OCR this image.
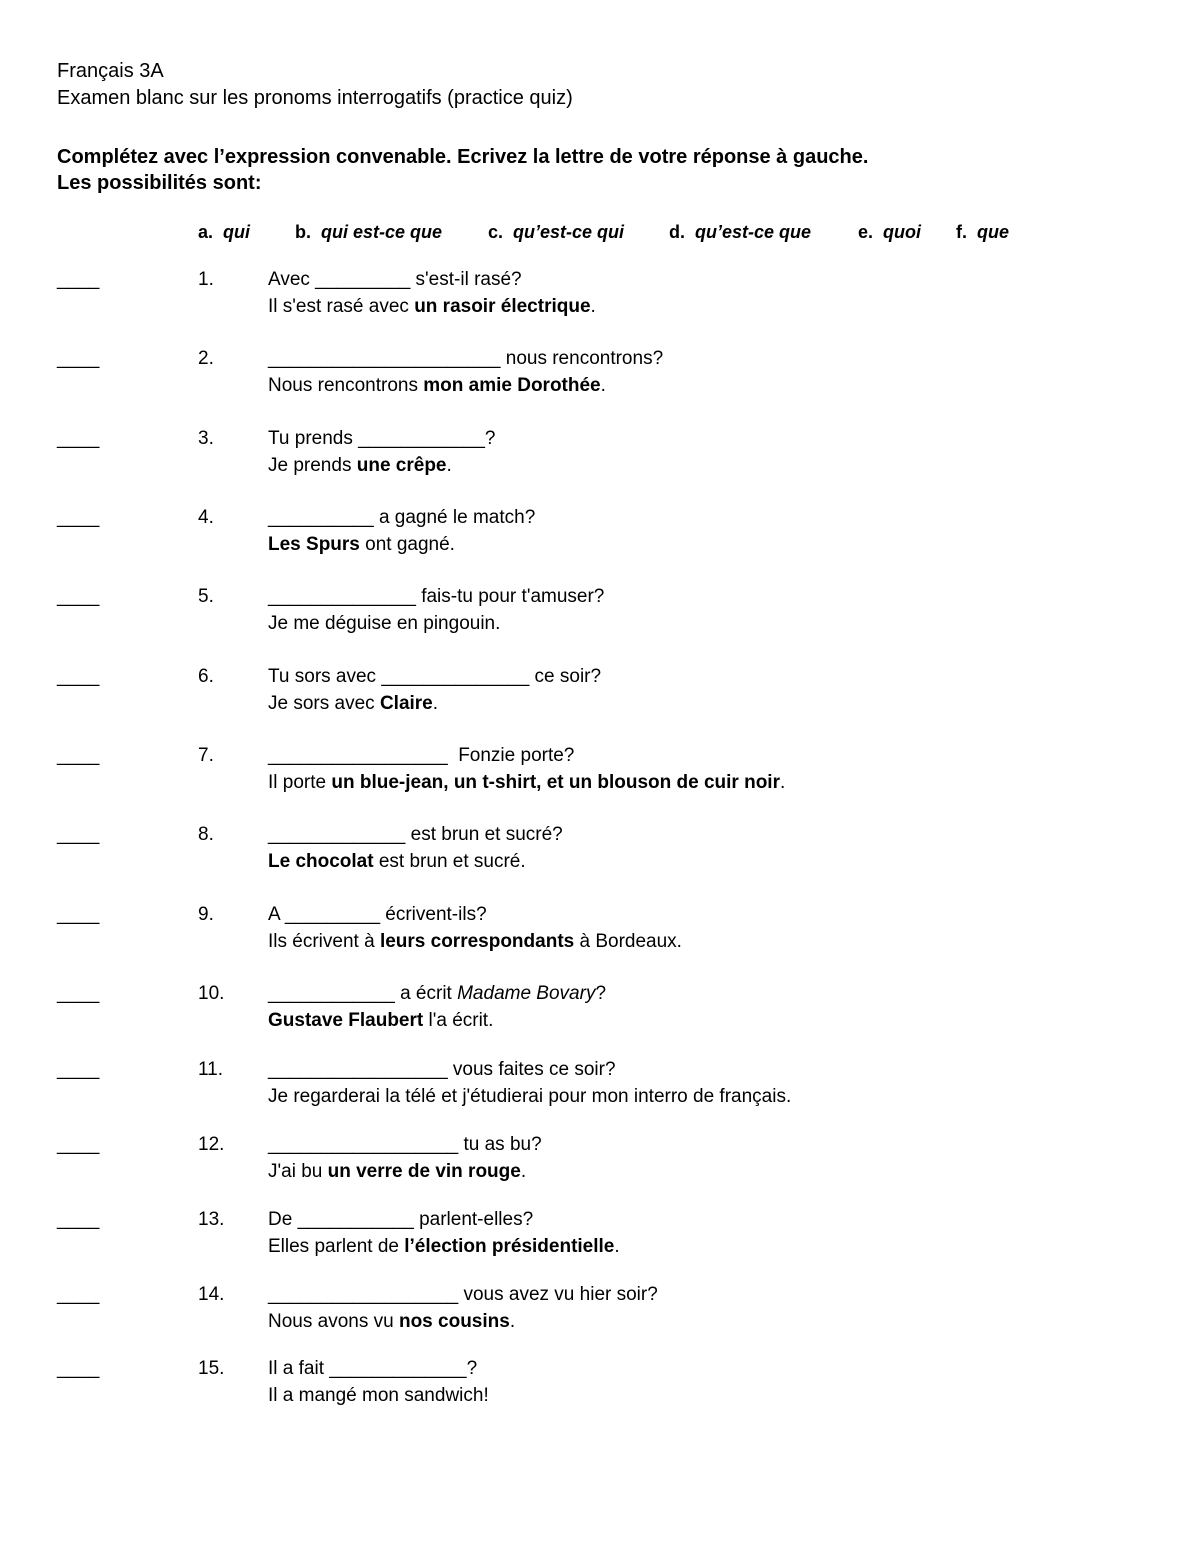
Français 3A
Examen blanc sur les pronoms interrogatifs (practice quiz)
Complétez avec l’expression convenable. Ecrivez la lettre de votre réponse à gauche.
Les possibilités sont:
a.  qui b.  qui est-ce que	c.  qu’est-ce qui d.  qu’est-ce que	e.  quoi f.  que
____	1.	Avec _________ s'est-il rasé?
Il s'est rasé avec un rasoir électrique.
____	2.	______________________ nous rencontrons?
Nous rencontrons mon amie Dorothée.
____	3.	Tu prends ____________?
Je prends une crêpe.
____	4.	__________ a gagné le match?
Les Spurs ont gagné.
____	5.	______________ fais-tu pour t'amuser?
Je me déguise en pingouin.
____	6.	Tu sors avec ______________ ce soir?
Je sors avec Claire.
____	7.	_________________  Fonzie porte?
Il porte un blue-jean, un t-shirt, et un blouson de cuir noir.
____	8.	_____________ est brun et sucré?
Le chocolat est brun et sucré.
____	9.	A _________ écrivent-ils?
Ils écrivent à leurs correspondants à Bordeaux.
____	10. ____________ a écrit Madame Bovary?
Gustave Flaubert l'a écrit.
____	11. _________________ vous faites ce soir?
Je regarderai la télé et j'étudierai pour mon interro de français.
____	12. __________________ tu as bu?
J'ai bu un verre de vin rouge.
____	13. De ___________ parlent-elles?
Elles parlent de l’élection présidentielle.
____	14. __________________ vous avez vu hier soir?
Nous avons vu nos cousins.
____	15. Il a fait _____________?
Il a mangé mon sandwich!
